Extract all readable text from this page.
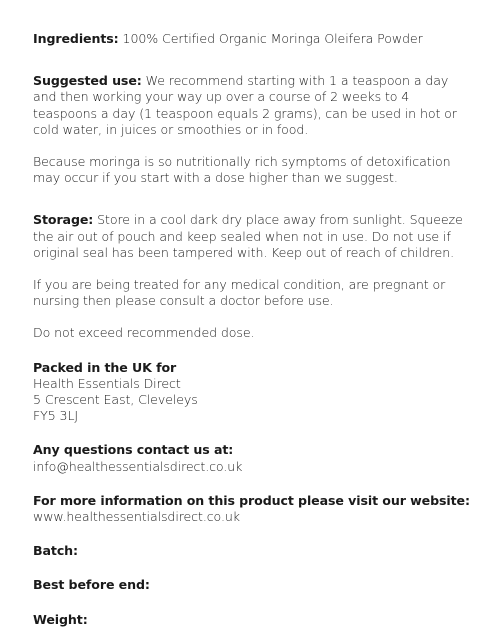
Ingredients: 100% Certified Organic Moringa Oleifera Powder

Suggested use: We recommend starting with 1 a teaspoon a day and then working your way up over a course of 2 weeks to 4 teaspoons a day (1 teaspoon equals 2 grams), can be used in hot or cold water, in juices or smoothies or in food.

Because moringa is so nutritionally rich symptoms of detoxification may occur if you start with a dose higher than we suggest.

Storage: Store in a cool dark dry place away from sunlight. Squeeze the air out of pouch and keep sealed when not in use. Do not use if original seal has been tampered with. Keep out of reach of children.

If you are being treated for any medical condition, are pregnant or nursing then please consult a doctor before use.

Do not exceed recommended dose.

Packed in the UK for
Health Essentials Direct
5 Crescent East, Cleveleys
FY5 3LJ

Any questions contact us at:
info@healthessentialsdirect.co.uk

For more information on this product please visit our website:
www.healthessentialsdirect.co.uk

Batch:

Best before end:

Weight:
